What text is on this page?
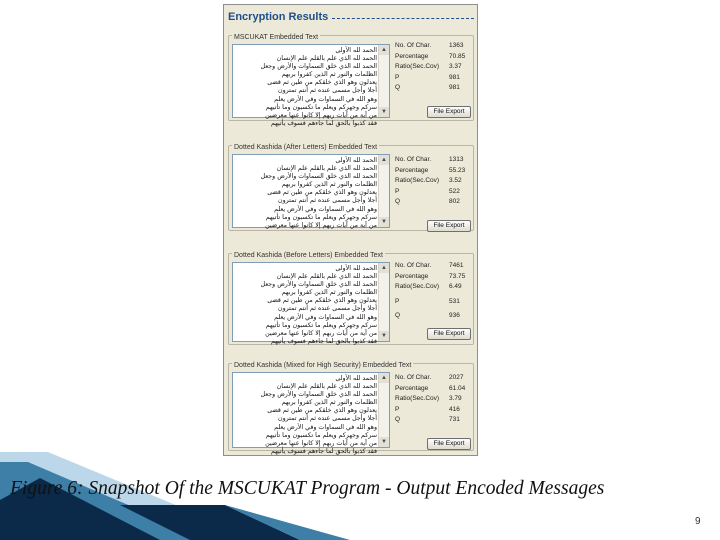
Encryption Results
MSCUKAT Embedded Text
الحمد لله الأولى
الحمد لله الذي علم بالقلم علم الإنسان
الحمد لله الذي خلق السماوات والأرض وجعل
الظلمات والنور ثم الذين كفروا بربهم
يعدلون وهو الذي خلقكم من طين ثم قضى
أجلا وأجل مسمى عنده ثم أنتم تمترون
وهو الله في السماوات وفي الأرض يعلم
سركم وجهركم ويعلم ما تكسبون وما تأتيهم
من آية من آيات ربهم إلا كانوا عنها معرضين
فقد كذبوا بالحق لما جاءهم فسوف يأتيهم
▲
▼
No. Of Char.	1363
Percentage	70.85
Ratio(Sec.Cov) 3.37
P	981
Q	981
File Export
Dotted Kashida (After Letters) Embedded Text
الحمد لله الأولى
الحمد لله الذي علم بالقلم علم الإنسان
الحمد لله الذي خلق السماوات والأرض وجعل
الظلمات والنور ثم الذين كفروا بربهم
يعدلون وهو الذي خلقكم من طين ثم قضى
أجلا وأجل مسمى عنده ثم أنتم تمترون
وهو الله في السماوات وفي الأرض يعلم
سركم وجهركم ويعلم ما تكسبون وما تأتيهم
من آية من آيات ربهم إلا كانوا عنها معرضين
▲
▼
No. Of Char.	1313
Percentage	55.23
Ratio(Sec.Cov) 3.52
P	522
Q	802
File Export
Dotted Kashida (Before Letters) Embedded Text
الحمد لله الأولى
الحمد لله الذي علم بالقلم علم الإنسان
الحمد لله الذي خلق السماوات والأرض وجعل
الظلمات والنور ثم الذين كفروا بربهم
يعدلون وهو الذي خلقكم من طين ثم قضى
أجلا وأجل مسمى عنده ثم أنتم تمترون
وهو الله في السماوات وفي الأرض يعلم
سركم وجهركم ويعلم ما تكسبون وما تأتيهم
من آية من آيات ربهم إلا كانوا عنها معرضين
فقد كذبوا بالحق لما جاءهم فسوف يأتيهم
▲
▼
No. Of Char.	7461
Percentage	73.75
Ratio(Sec.Cov) 6.49
P	531
Q	936
File Export
Dotted Kashida (Mixed for High Security) Embedded Text
الحمد لله الأولى
الحمد لله الذي علم بالقلم علم الإنسان
الحمد لله الذي خلق السماوات والأرض وجعل
الظلمات والنور ثم الذين كفروا بربهم
يعدلون وهو الذي خلقكم من طين ثم قضى
أجلا وأجل مسمى عنده ثم أنتم تمترون
وهو الله في السماوات وفي الأرض يعلم
سركم وجهركم ويعلم ما تكسبون وما تأتيهم
من آية من آيات ربهم إلا كانوا عنها معرضين
فقد كذبوا بالحق لما جاءهم فسوف يأتيهم
▲
▼
No. Of Char.	2027
Percentage	61.04
Ratio(Sec.Cov) 3.79
P	416
Q	731
File Export
Figure 6: Snapshot Of the MSCUKAT Program - Output Encoded Messages
9
